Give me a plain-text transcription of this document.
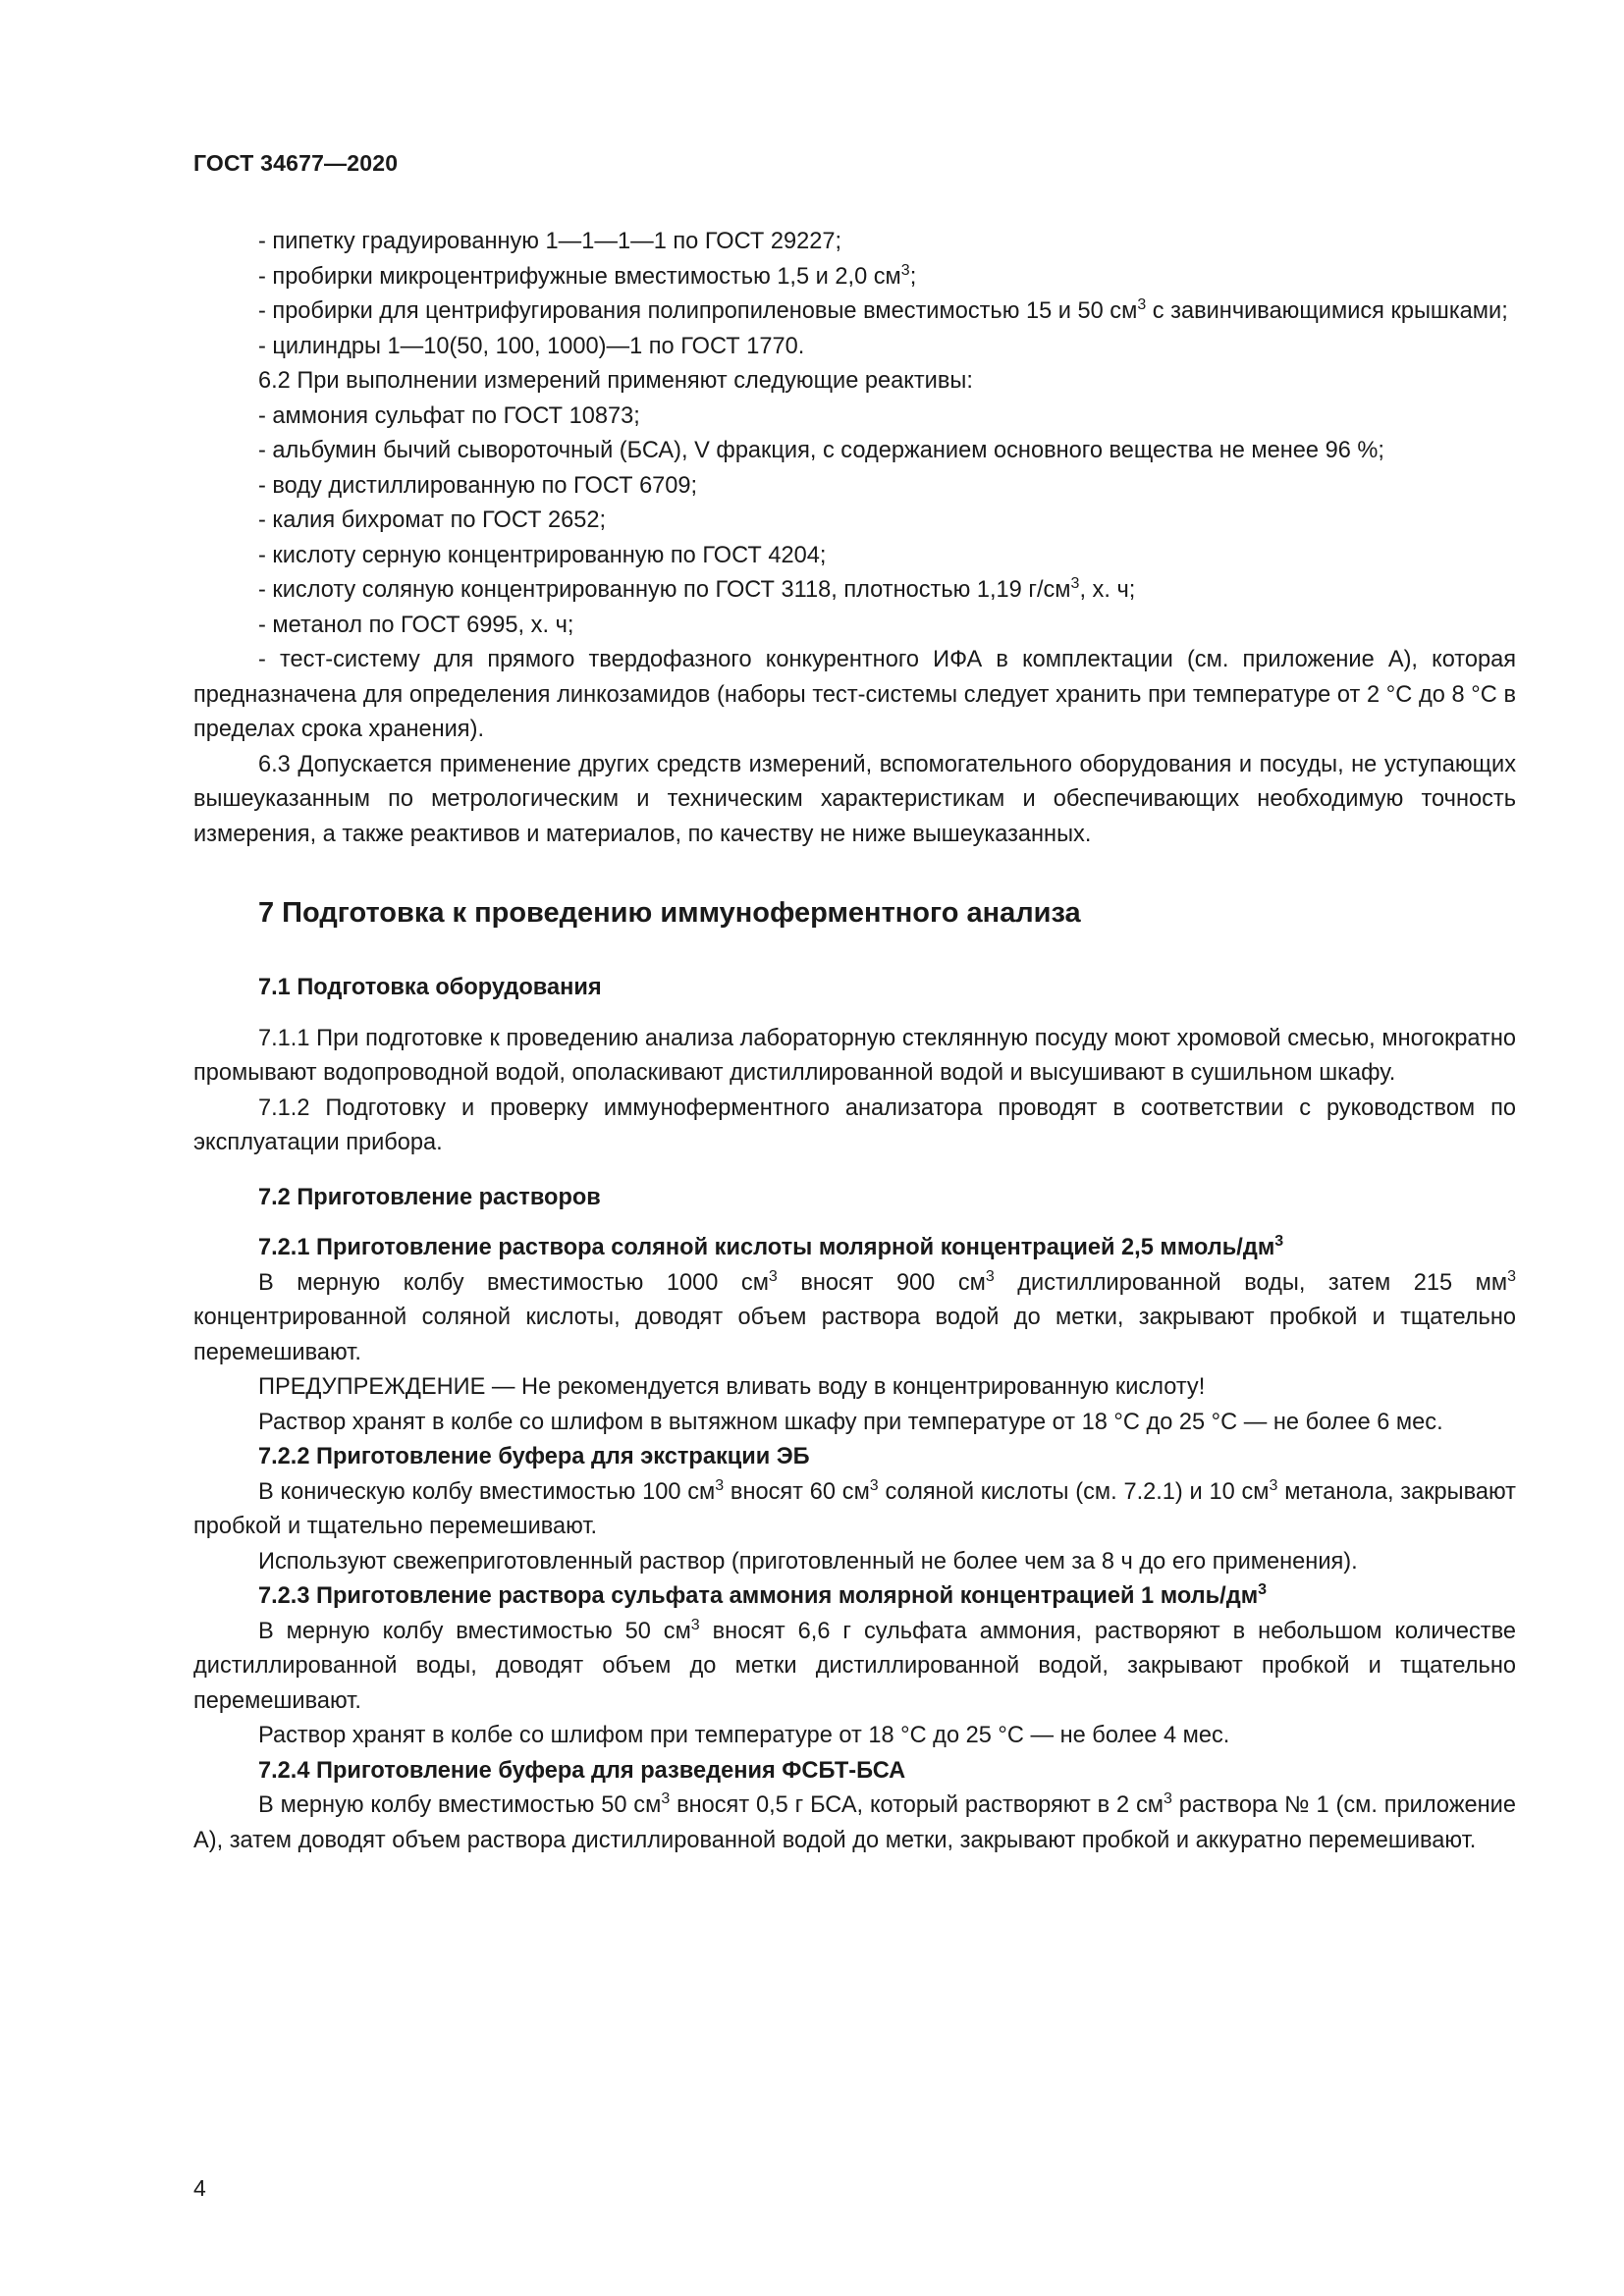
ГОСТ 34677—2020

- пипетку градуированную 1—1—1—1 по ГОСТ 29227;

- пробирки микроцентрифужные вместимостью 1,5 и 2,0 $см^3$;

- пробирки для центрифугирования полипропиленовые вместимостью 15 и 50 $см^3$ с завинчивающимися крышками;

- цилиндры 1—10(50, 100, 1000)—1 по ГОСТ 1770.

6.2 При выполнении измерений применяют следующие реактивы:

- аммония сульфат по ГОСТ 10873;

- альбумин бычий сывороточный (БСА), V фракция, с содержанием основного вещества не менее 96 %;

- воду дистиллированную по ГОСТ 6709;

- калия бихромат по ГОСТ 2652;

- кислоту серную концентрированную по ГОСТ 4204;

- кислоту соляную концентрированную по ГОСТ 3118, плотностью 1,19 $г/см^3$, х. ч;

- метанол по ГОСТ 6995, х. ч;

- тест-систему для прямого твердофазного конкурентного ИФА в комплектации (см. приложение А), которая предназначена для определения линкозамидов (наборы тест-системы следует хранить при температуре от 2 °С до 8 °С в пределах срока хранения).

6.3 Допускается применение других средств измерений, вспомогательного оборудования и посуды, не уступающих вышеуказанным по метрологическим и техническим характеристикам и обеспечивающих необходимую точность измерения, а также реактивов и материалов, по качеству не ниже вышеуказанных.

7 Подготовка к проведению иммуноферментного анализа
7.1 Подготовка оборудования

7.1.1 При подготовке к проведению анализа лабораторную стеклянную посуду моют хромовой смесью, многократно промывают водопроводной водой, ополаскивают дистиллированной водой и высушивают в сушильном шкафу.

7.1.2 Подготовку и проверку иммуноферментного анализатора проводят в соответствии с руководством по эксплуатации прибора.

7.2 Приготовление растворов
7.2.1 Приготовление раствора соляной кислоты молярной концентрацией 2,5 ммоль/$дм^3$

В мерную колбу вместимостью 1000 $см^3$ вносят 900 $см^3$ дистиллированной воды, затем 215 $мм^3$ концентрированной соляной кислоты, доводят объем раствора водой до метки, закрывают пробкой и тщательно перемешивают.

ПРЕДУПРЕЖДЕНИЕ — Не рекомендуется вливать воду в концентрированную кислоту!

Раствор хранят в колбе со шлифом в вытяжном шкафу при температуре от 18 °С до 25 °С — не более 6 мес.

7.2.2 Приготовление буфера для экстракции ЭБ

В коническую колбу вместимостью 100 $см^3$ вносят 60 $см^3$ соляной кислоты (см. 7.2.1) и 10 $см^3$ метанола, закрывают пробкой и тщательно перемешивают.

Используют свежеприготовленный раствор (приготовленный не более чем за 8 ч до его применения).

7.2.3 Приготовление раствора сульфата аммония молярной концентрацией 1 моль/$дм^3$

В мерную колбу вместимостью 50 $см^3$ вносят 6,6 г сульфата аммония, растворяют в небольшом количестве дистиллированной воды, доводят объем до метки дистиллированной водой, закрывают пробкой и тщательно перемешивают.

Раствор хранят в колбе со шлифом при температуре от 18 °С до 25 °С — не более 4 мес.

7.2.4 Приготовление буфера для разведения ФСБТ-БСА

В мерную колбу вместимостью 50 $см^3$ вносят 0,5 г БСА, который растворяют в 2 $см^3$ раствора № 1 (см. приложение А), затем доводят объем раствора дистиллированной водой до метки, закрывают пробкой и аккуратно перемешивают.

4
